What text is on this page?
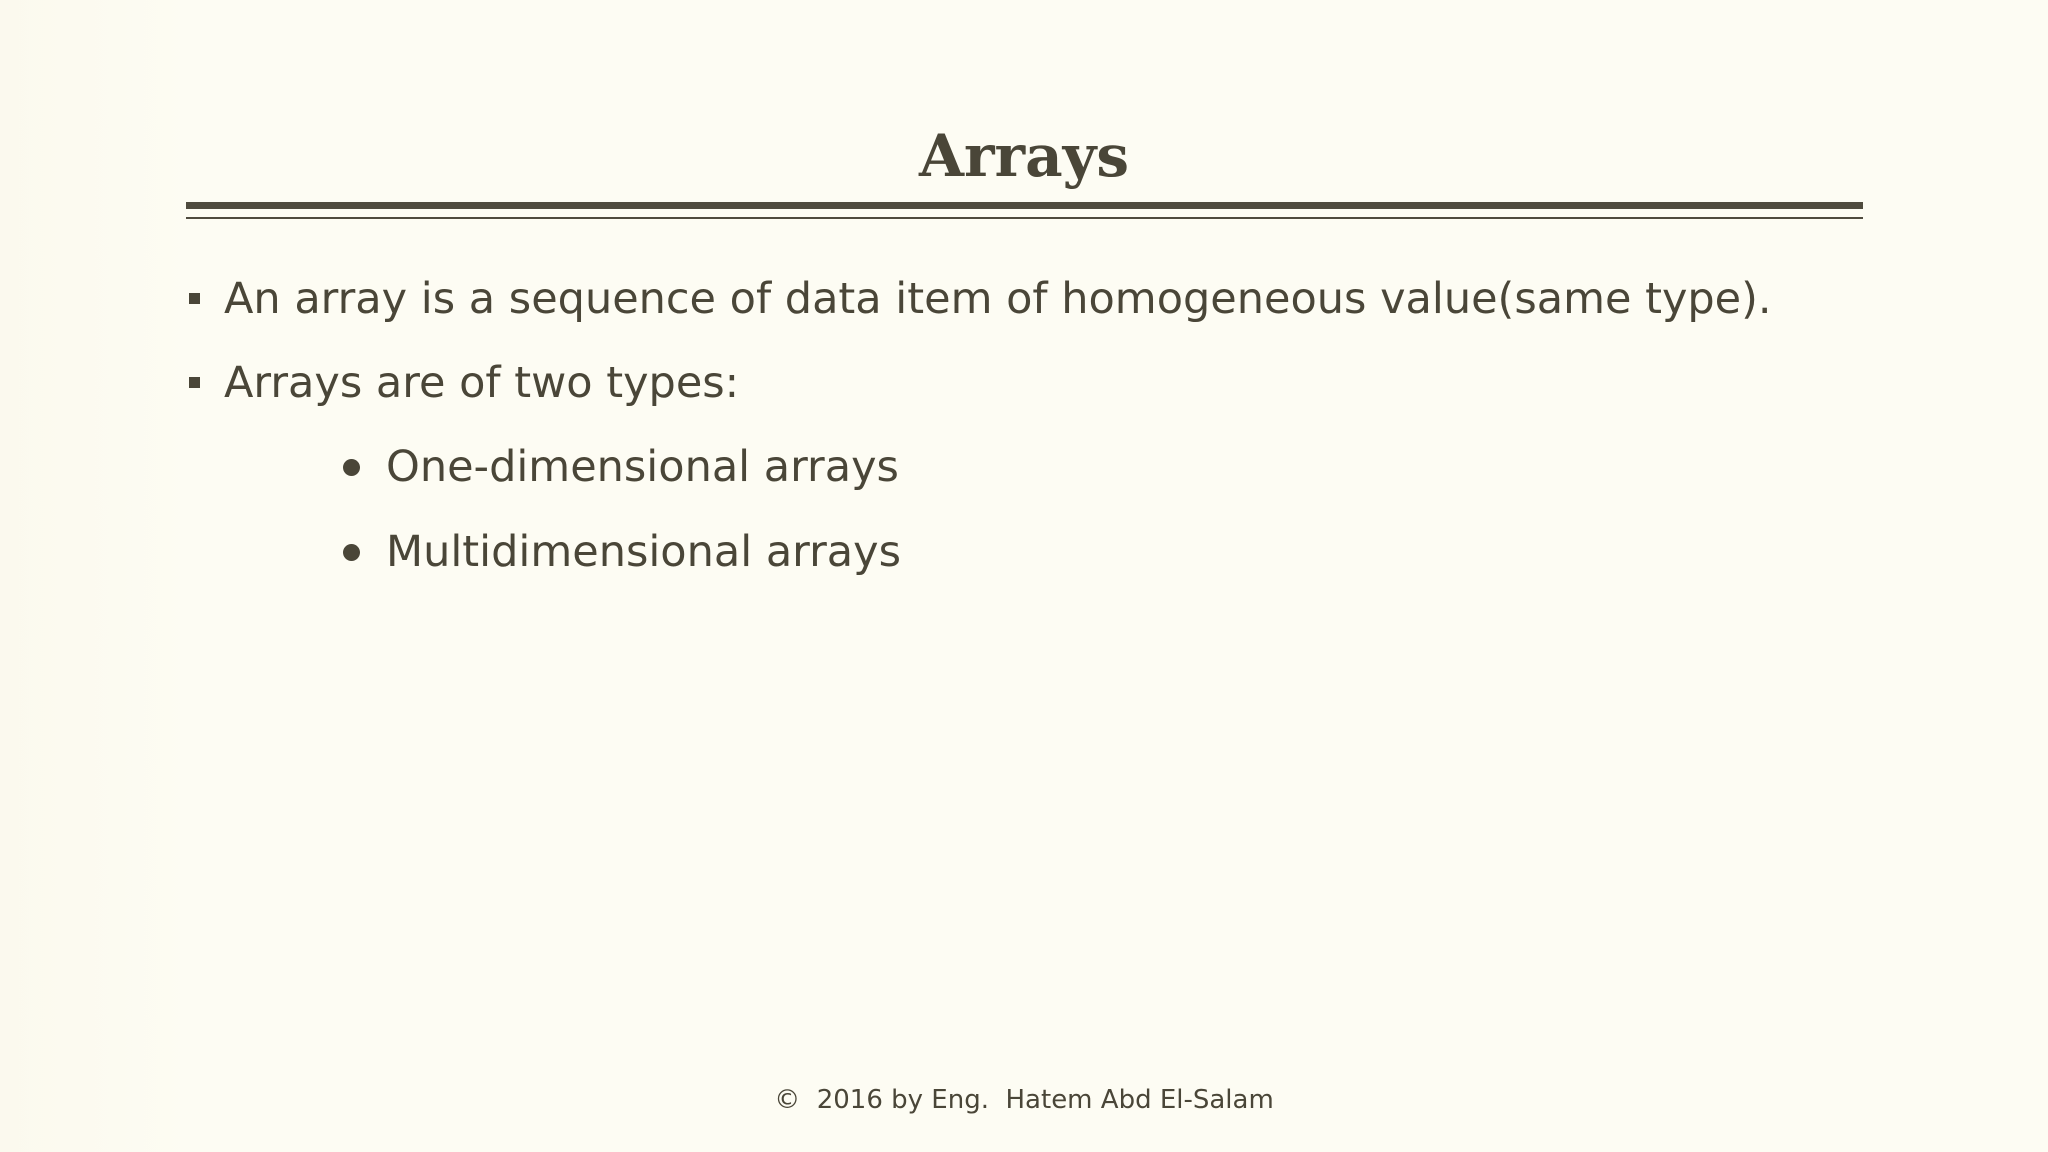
Arrays
An array is a sequence of data item of homogeneous value(same type).
Arrays are of two types:
One-dimensional arrays
Multidimensional arrays
© 2016 by Eng.  Hatem Abd El-Salam
